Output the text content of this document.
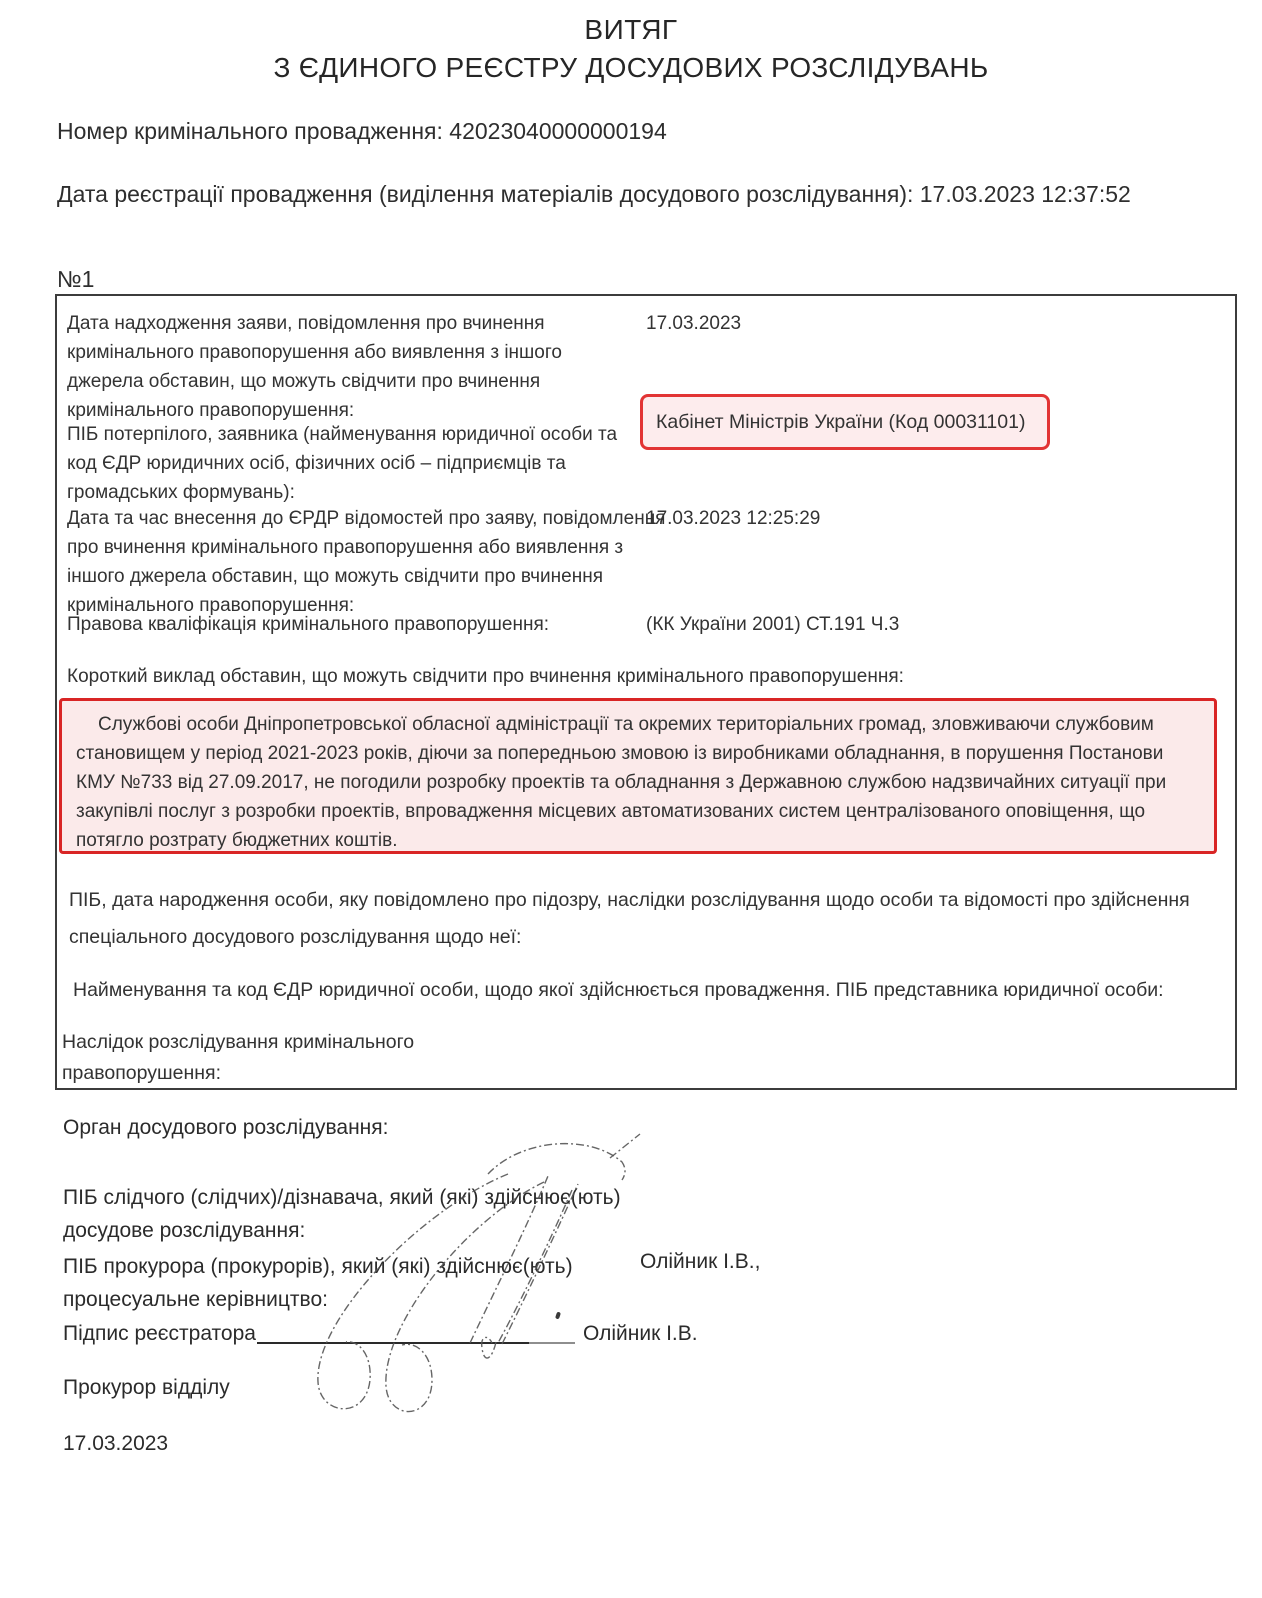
ВИТЯГ
З ЄДИНОГО РЕЄСТРУ ДОСУДОВИХ РОЗСЛІДУВАНЬ
Номер кримінального провадження: 42023040000000194
Дата реєстрації провадження (виділення матеріалів досудового розслідування): 17.03.2023 12:37:52
№1
Дата надходження заяви, повідомлення про вчинення кримінального правопорушення або виявлення з іншого джерела обставин, що можуть свідчити про вчинення кримінального правопорушення:
17.03.2023
ПІБ потерпілого, заявника (найменування юридичної особи та код ЄДР юридичних осіб, фізичних осіб – підприємців та громадських формувань):
Кабінет Міністрів України (Код 00031101)
Дата та час внесення до ЄРДР відомостей про заяву, повідомлення про вчинення кримінального правопорушення або виявлення з іншого джерела обставин, що можуть свідчити про вчинення кримінального правопорушення:
17.03.2023 12:25:29
Правова кваліфікація кримінального правопорушення:	(КК України 2001) СТ.191 Ч.3
Короткий виклад обставин, що можуть свідчити про вчинення кримінального правопорушення:
Службові особи Дніпропетровської обласної адміністрації та окремих територіальних громад, зловживаючи службовим становищем у період 2021-2023 років, діючи за попередньою змовою із виробниками обладнання, в порушення Постанови КМУ №733 від 27.09.2017, не погодили розробку проектів та обладнання з Державною службою надзвичайних ситуації при закупівлі послуг з розробки проектів, впровадження місцевих автоматизованих систем централізованого оповіщення, що потягло розтрату бюджетних коштів.
ПІБ, дата народження особи, яку повідомлено про підозру, наслідки розслідування щодо особи та відомості про здійснення спеціального досудового розслідування щодо неї:
Найменування та код ЄДР юридичної особи, щодо якої здійснюється провадження. ПІБ представника юридичної особи:
Наслідок розслідування кримінального правопорушення:
Орган досудового розслідування:
ПІБ слідчого (слідчих)/дізнавача, який (які) здійснює(ють) досудове розслідування:
ПІБ прокурора (прокурорів), який (які) здійснює(ють) процесуальне керівництво:
Олійник І.В.,
Підпис реєстратора	Олійник І.В.
Прокурор відділу
17.03.2023
